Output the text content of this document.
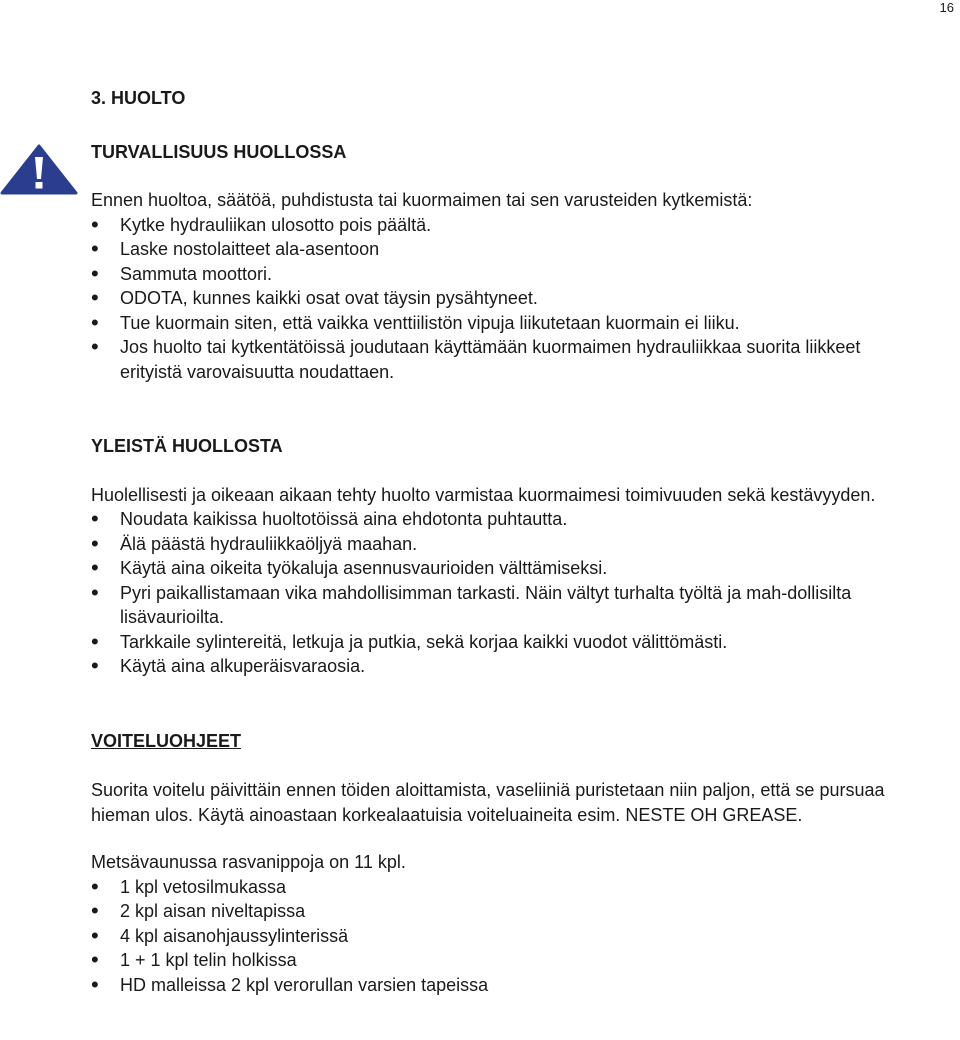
16

3. HUOLTO

TURVALLISUUS HUOLLOSSA

Ennen huoltoa, säätöä, puhdistusta tai kuormaimen tai sen varusteiden kytkemistä:

• Kytke hydrauliikan ulosotto pois päältä.
• Laske nostolaitteet ala-asentoon
• Sammuta moottori.
• ODOTA, kunnes kaikki osat ovat täysin pysähtyneet.
• Tue kuormain siten, että vaikka venttiilistön vipuja liikutetaan kuormain ei liiku.
• Jos huolto tai kytkentätöissä joudutaan käyttämään kuormaimen hydrauliikkaa suorita liikkeet erityistä varovaisuutta noudattaen.

YLEISTÄ HUOLLOSTA

Huolellisesti ja oikeaan aikaan tehty huolto varmistaa kuormaimesi toimivuuden sekä kestävyyden.

• Noudata kaikissa huoltotöissä aina ehdotonta puhtautta.
• Älä päästä hydrauliikkaöljyä maahan.
• Käytä aina oikeita työkaluja asennusvaurioiden välttämiseksi.
• Pyri paikallistamaan vika mahdollisimman tarkasti. Näin vältyt turhalta työltä ja mah-dollisilta lisävaurioilta.
• Tarkkaile sylintereitä, letkuja ja putkia, sekä korjaa kaikki vuodot välittömästi.
• Käytä aina alkuperäisvaraosia.

VOITELUOHJEET

Suorita voitelu päivittäin ennen töiden aloittamista, vaseliiniä puristetaan niin paljon, että se pursuaa hieman ulos. Käytä ainoastaan korkealaatuisia voiteluaineita esim. NESTE OH GREASE.

Metsävaunussa rasvanippoja on 11 kpl.

• 1 kpl vetosilmukassa
• 2 kpl aisan niveltapissa
• 4 kpl aisanohjaussylinterissä
• 1 + 1 kpl telin holkissa
• HD malleissa 2 kpl verorullan varsien tapeissa
